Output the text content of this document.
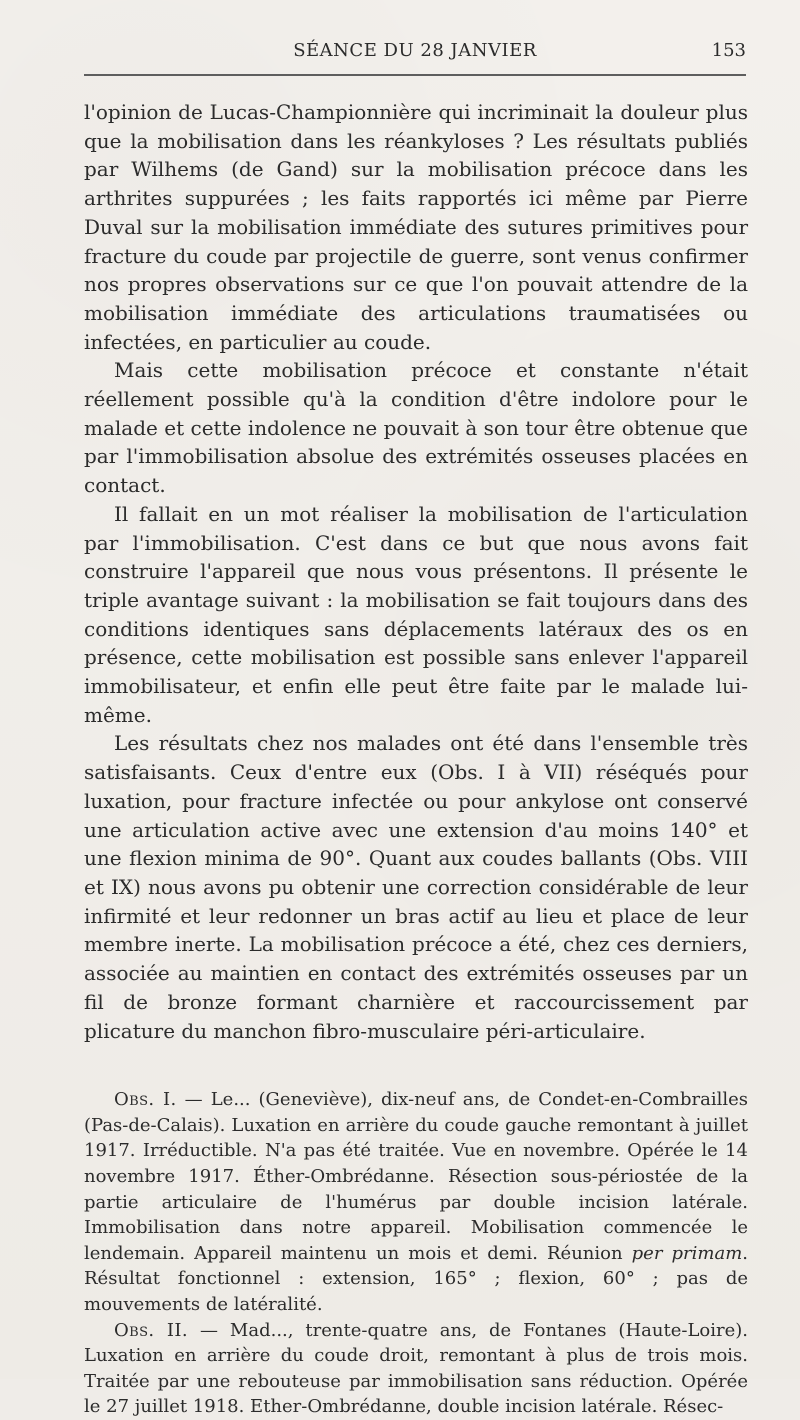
SÉANCE DU 28 JANVIER	153

l'opinion de Lucas-Championnière qui incriminait la douleur plus que la mobilisation dans les réankyloses ? Les résultats publiés par Wilhems (de Gand) sur la mobilisation précoce dans les arthrites suppurées ; les faits rapportés ici même par Pierre Duval sur la mobilisation immédiate des sutures primitives pour fracture du coude par projectile de guerre, sont venus confirmer nos propres observations sur ce que l'on pouvait attendre de la mobilisation immédiate des articulations traumatisées ou infectées, en particulier au coude.

Mais cette mobilisation précoce et constante n'était réellement possible qu'à la condition d'être indolore pour le malade et cette indolence ne pouvait à son tour être obtenue que par l'immobilisation absolue des extrémités osseuses placées en contact.

Il fallait en un mot réaliser la mobilisation de l'articulation par l'immobilisation. C'est dans ce but que nous avons fait construire l'appareil que nous vous présentons. Il présente le triple avantage suivant : la mobilisation se fait toujours dans des conditions identiques sans déplacements latéraux des os en présence, cette mobilisation est possible sans enlever l'appareil immobilisateur, et enfin elle peut être faite par le malade lui-même.

Les résultats chez nos malades ont été dans l'ensemble très satisfaisants. Ceux d'entre eux (Obs. I à VII) réséqués pour luxation, pour fracture infectée ou pour ankylose ont conservé une articulation active avec une extension d'au moins 140° et une flexion minima de 90°. Quant aux coudes ballants (Obs. VIII et IX) nous avons pu obtenir une correction considérable de leur infirmité et leur redonner un bras actif au lieu et place de leur membre inerte. La mobilisation précoce a été, chez ces derniers, associée au maintien en contact des extrémités osseuses par un fil de bronze formant charnière et raccourcissement par plicature du manchon fibro-musculaire péri-articulaire.

Obs. I. — Le... (Geneviève), dix-neuf ans, de Condet-en-Combrailles (Pas-de-Calais). Luxation en arrière du coude gauche remontant à juillet 1917. Irréductible. N'a pas été traitée. Vue en novembre. Opérée le 14 novembre 1917. Éther-Ombrédanne. Résection sous-périostée de la partie articulaire de l'humérus par double incision latérale. Immobilisation dans notre appareil. Mobilisation commencée le lendemain. Appareil maintenu un mois et demi. Réunion per primam. Résultat fonctionnel : extension, 165° ; flexion, 60° ; pas de mouvements de latéralité.

Obs. II. — Mad..., trente-quatre ans, de Fontanes (Haute-Loire). Luxation en arrière du coude droit, remontant à plus de trois mois. Traitée par une rebouteuse par immobilisation sans réduction. Opérée le 27 juillet 1918. Ether-Ombrédanne, double incision latérale. Résec-
